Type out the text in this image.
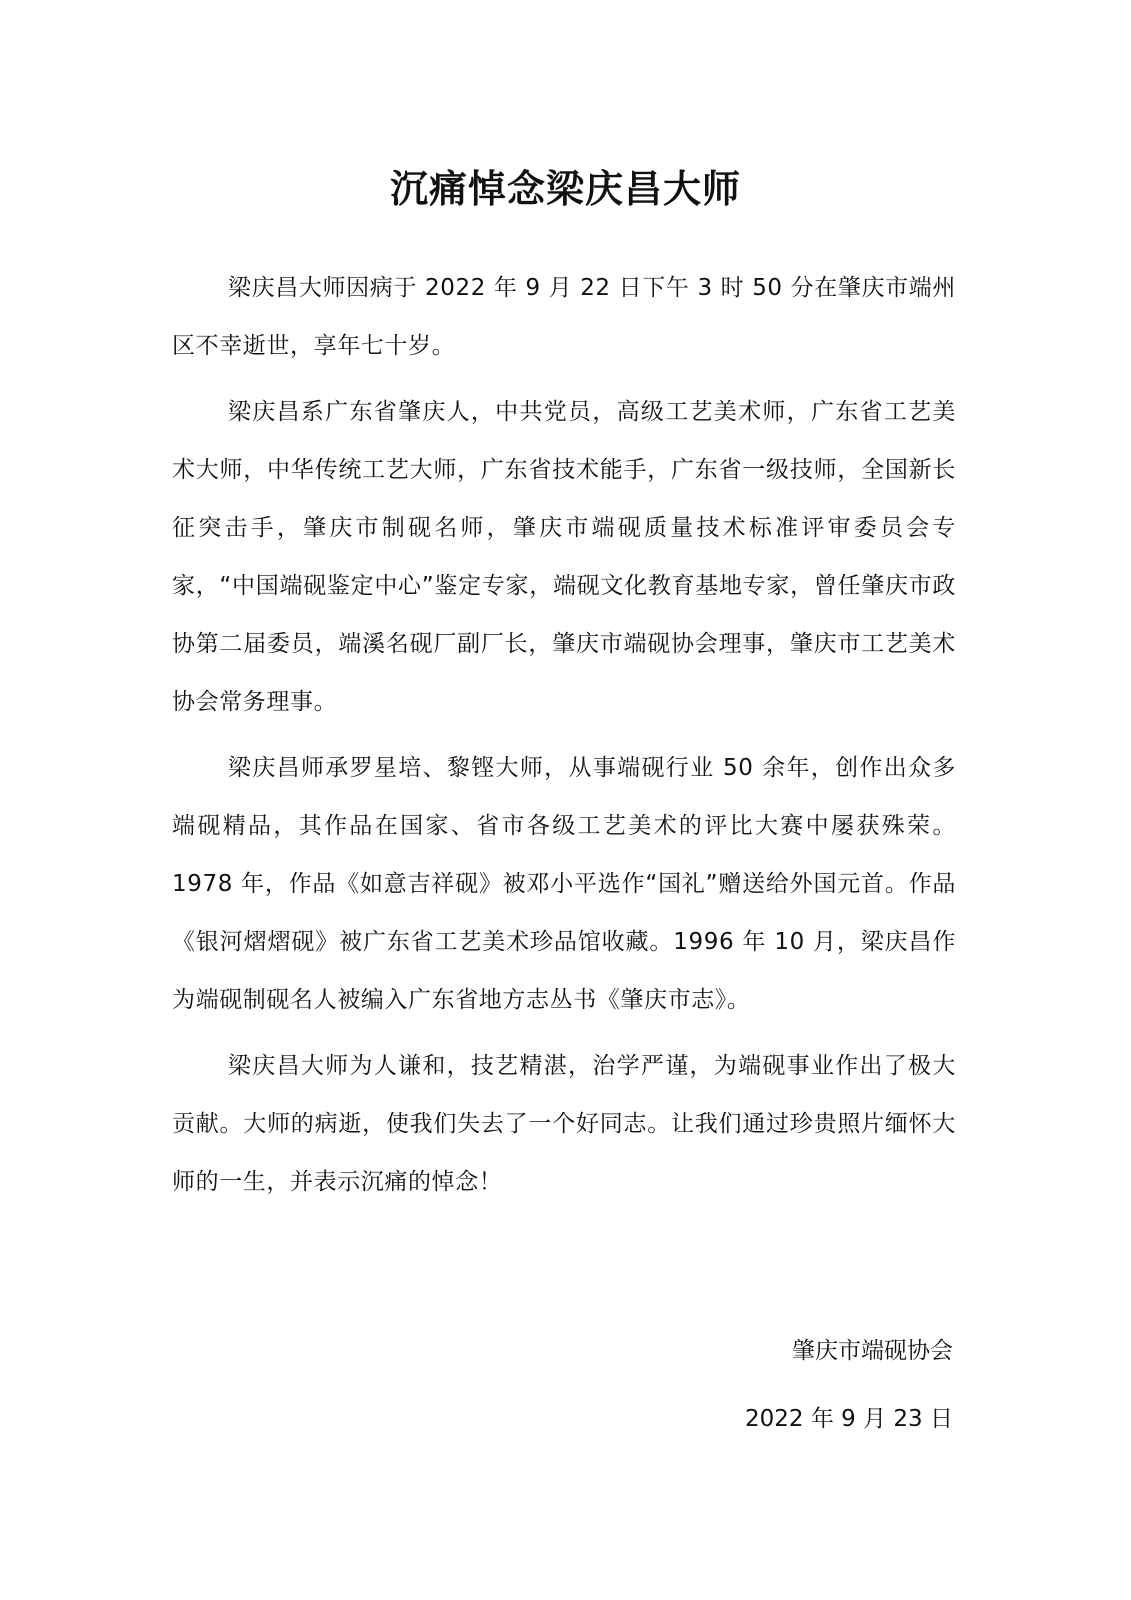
沉痛悼念梁庆昌大师

梁庆昌大师因病于 2022 年 9 月 22 日下午 3 时 50 分在肇庆市端州区不幸逝世，享年七十岁。

梁庆昌系广东省肇庆人，中共党员，高级工艺美术师，广东省工艺美术大师，中华传统工艺大师，广东省技术能手，广东省一级技师，全国新长征突击手，肇庆市制砚名师，肇庆市端砚质量技术标准评审委员会专家，“中国端砚鉴定中心”鉴定专家，端砚文化教育基地专家，曾任肇庆市政协第二届委员，端溪名砚厂副厂长，肇庆市端砚协会理事，肇庆市工艺美术协会常务理事。

梁庆昌师承罗星培、黎铿大师，从事端砚行业 50 余年，创作出众多端砚精品，其作品在国家、省市各级工艺美术的评比大赛中屡获殊荣。 1978 年，作品《如意吉祥砚》被邓小平选作“国礼”赠送给外国元首。作品《银河熠熠砚》被广东省工艺美术珍品馆收藏。1996 年 10 月，梁庆昌作为端砚制砚名人被编入广东省地方志丛书《肇庆市志》。

梁庆昌大师为人谦和，技艺精湛，治学严谨，为端砚事业作出了极大贡献。大师的病逝，使我们失去了一个好同志。让我们通过珍贵照片缅怀大师的一生，并表示沉痛的悼念！

肇庆市端砚协会
2022 年 9 月 23 日
